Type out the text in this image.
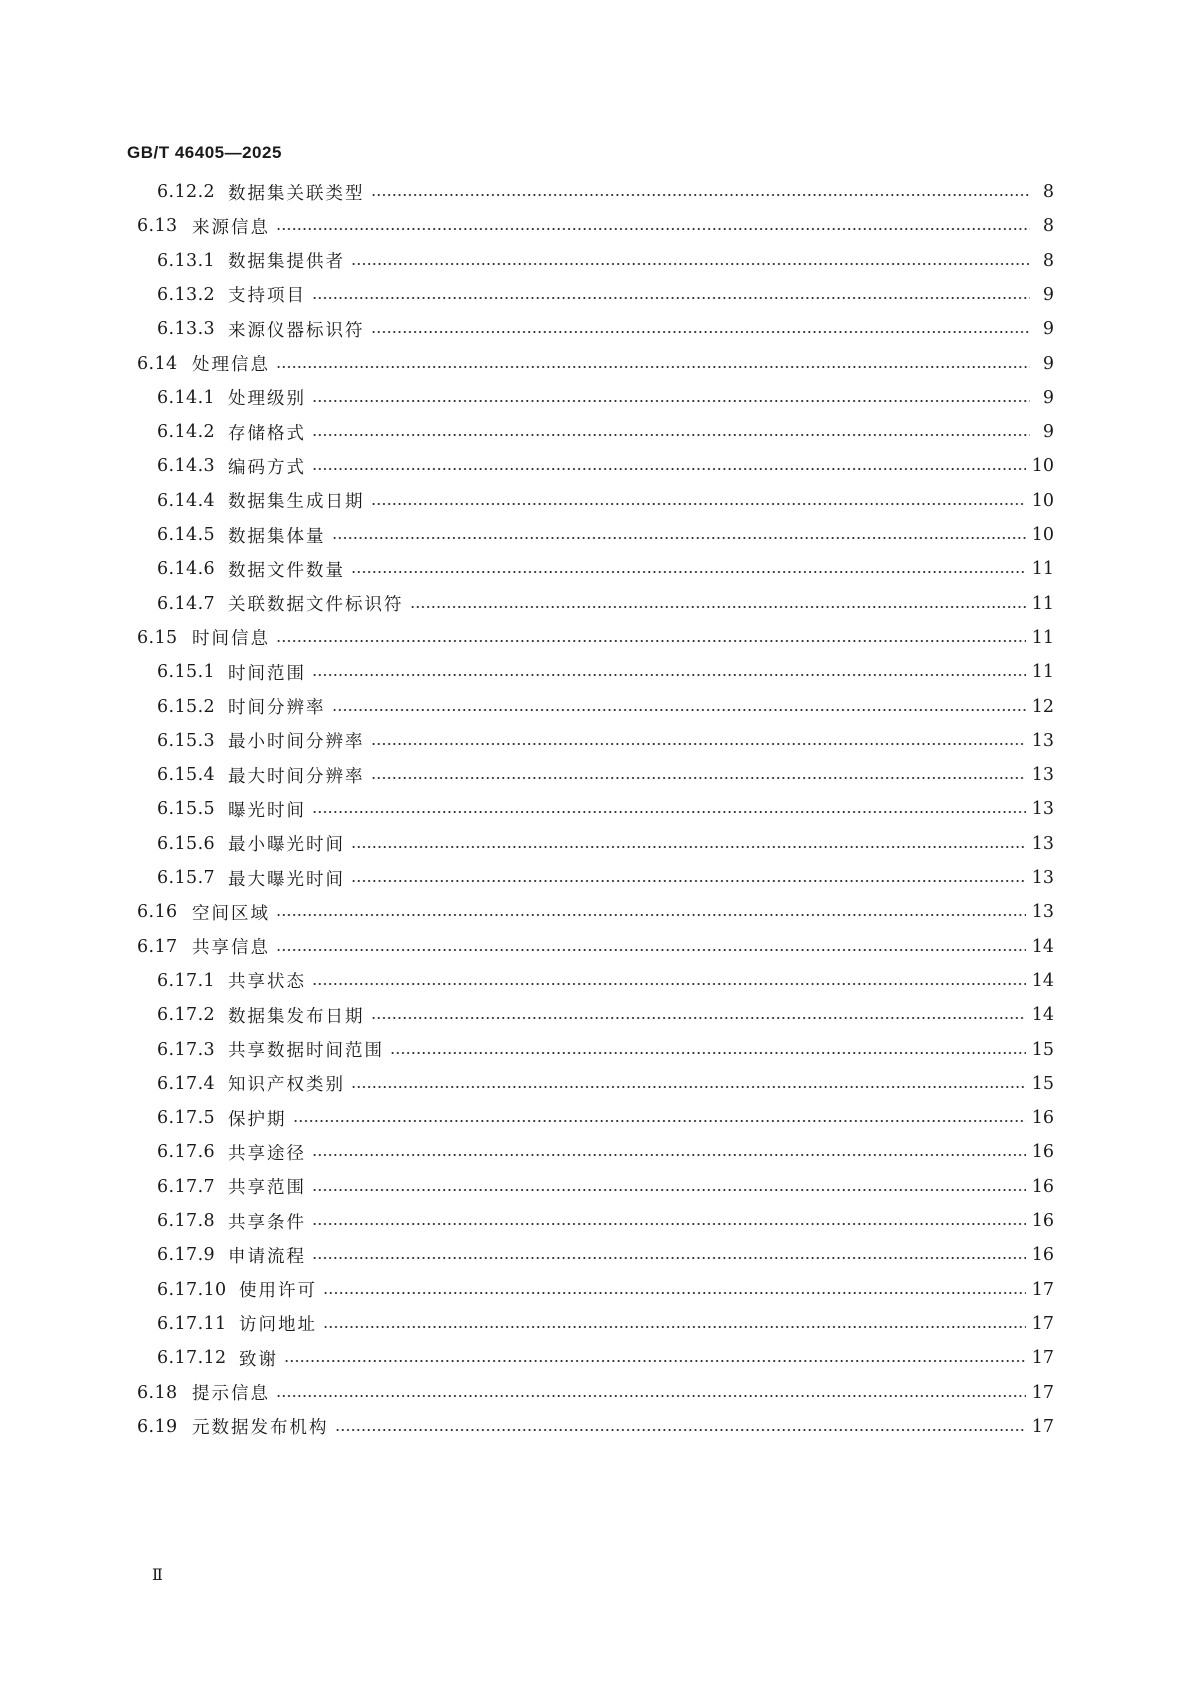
GB/T 46405—2025
6.12.2 数据集关联类型	8
6.13 来源信息	8
6.13.1 数据集提供者	8
6.13.2 支持项目	9
6.13.3 来源仪器标识符	9
6.14 处理信息	9
6.14.1 处理级别	9
6.14.2 存储格式	9
6.14.3 编码方式	10
6.14.4 数据集生成日期	10
6.14.5 数据集体量	10
6.14.6 数据文件数量	11
6.14.7 关联数据文件标识符	11
6.15 时间信息	11
6.15.1 时间范围	11
6.15.2 时间分辨率	12
6.15.3 最小时间分辨率	13
6.15.4 最大时间分辨率	13
6.15.5 曝光时间	13
6.15.6 最小曝光时间	13
6.15.7 最大曝光时间	13
6.16 空间区域	13
6.17 共享信息	14
6.17.1 共享状态	14
6.17.2 数据集发布日期	14
6.17.3 共享数据时间范围	15
6.17.4 知识产权类别	15
6.17.5 保护期	16
6.17.6 共享途径	16
6.17.7 共享范围	16
6.17.8 共享条件	16
6.17.9 申请流程	16
6.17.10 使用许可	17
6.17.11 访问地址	17
6.17.12 致谢	17
6.18 提示信息	17
6.19 元数据发布机构	17
Ⅱ
